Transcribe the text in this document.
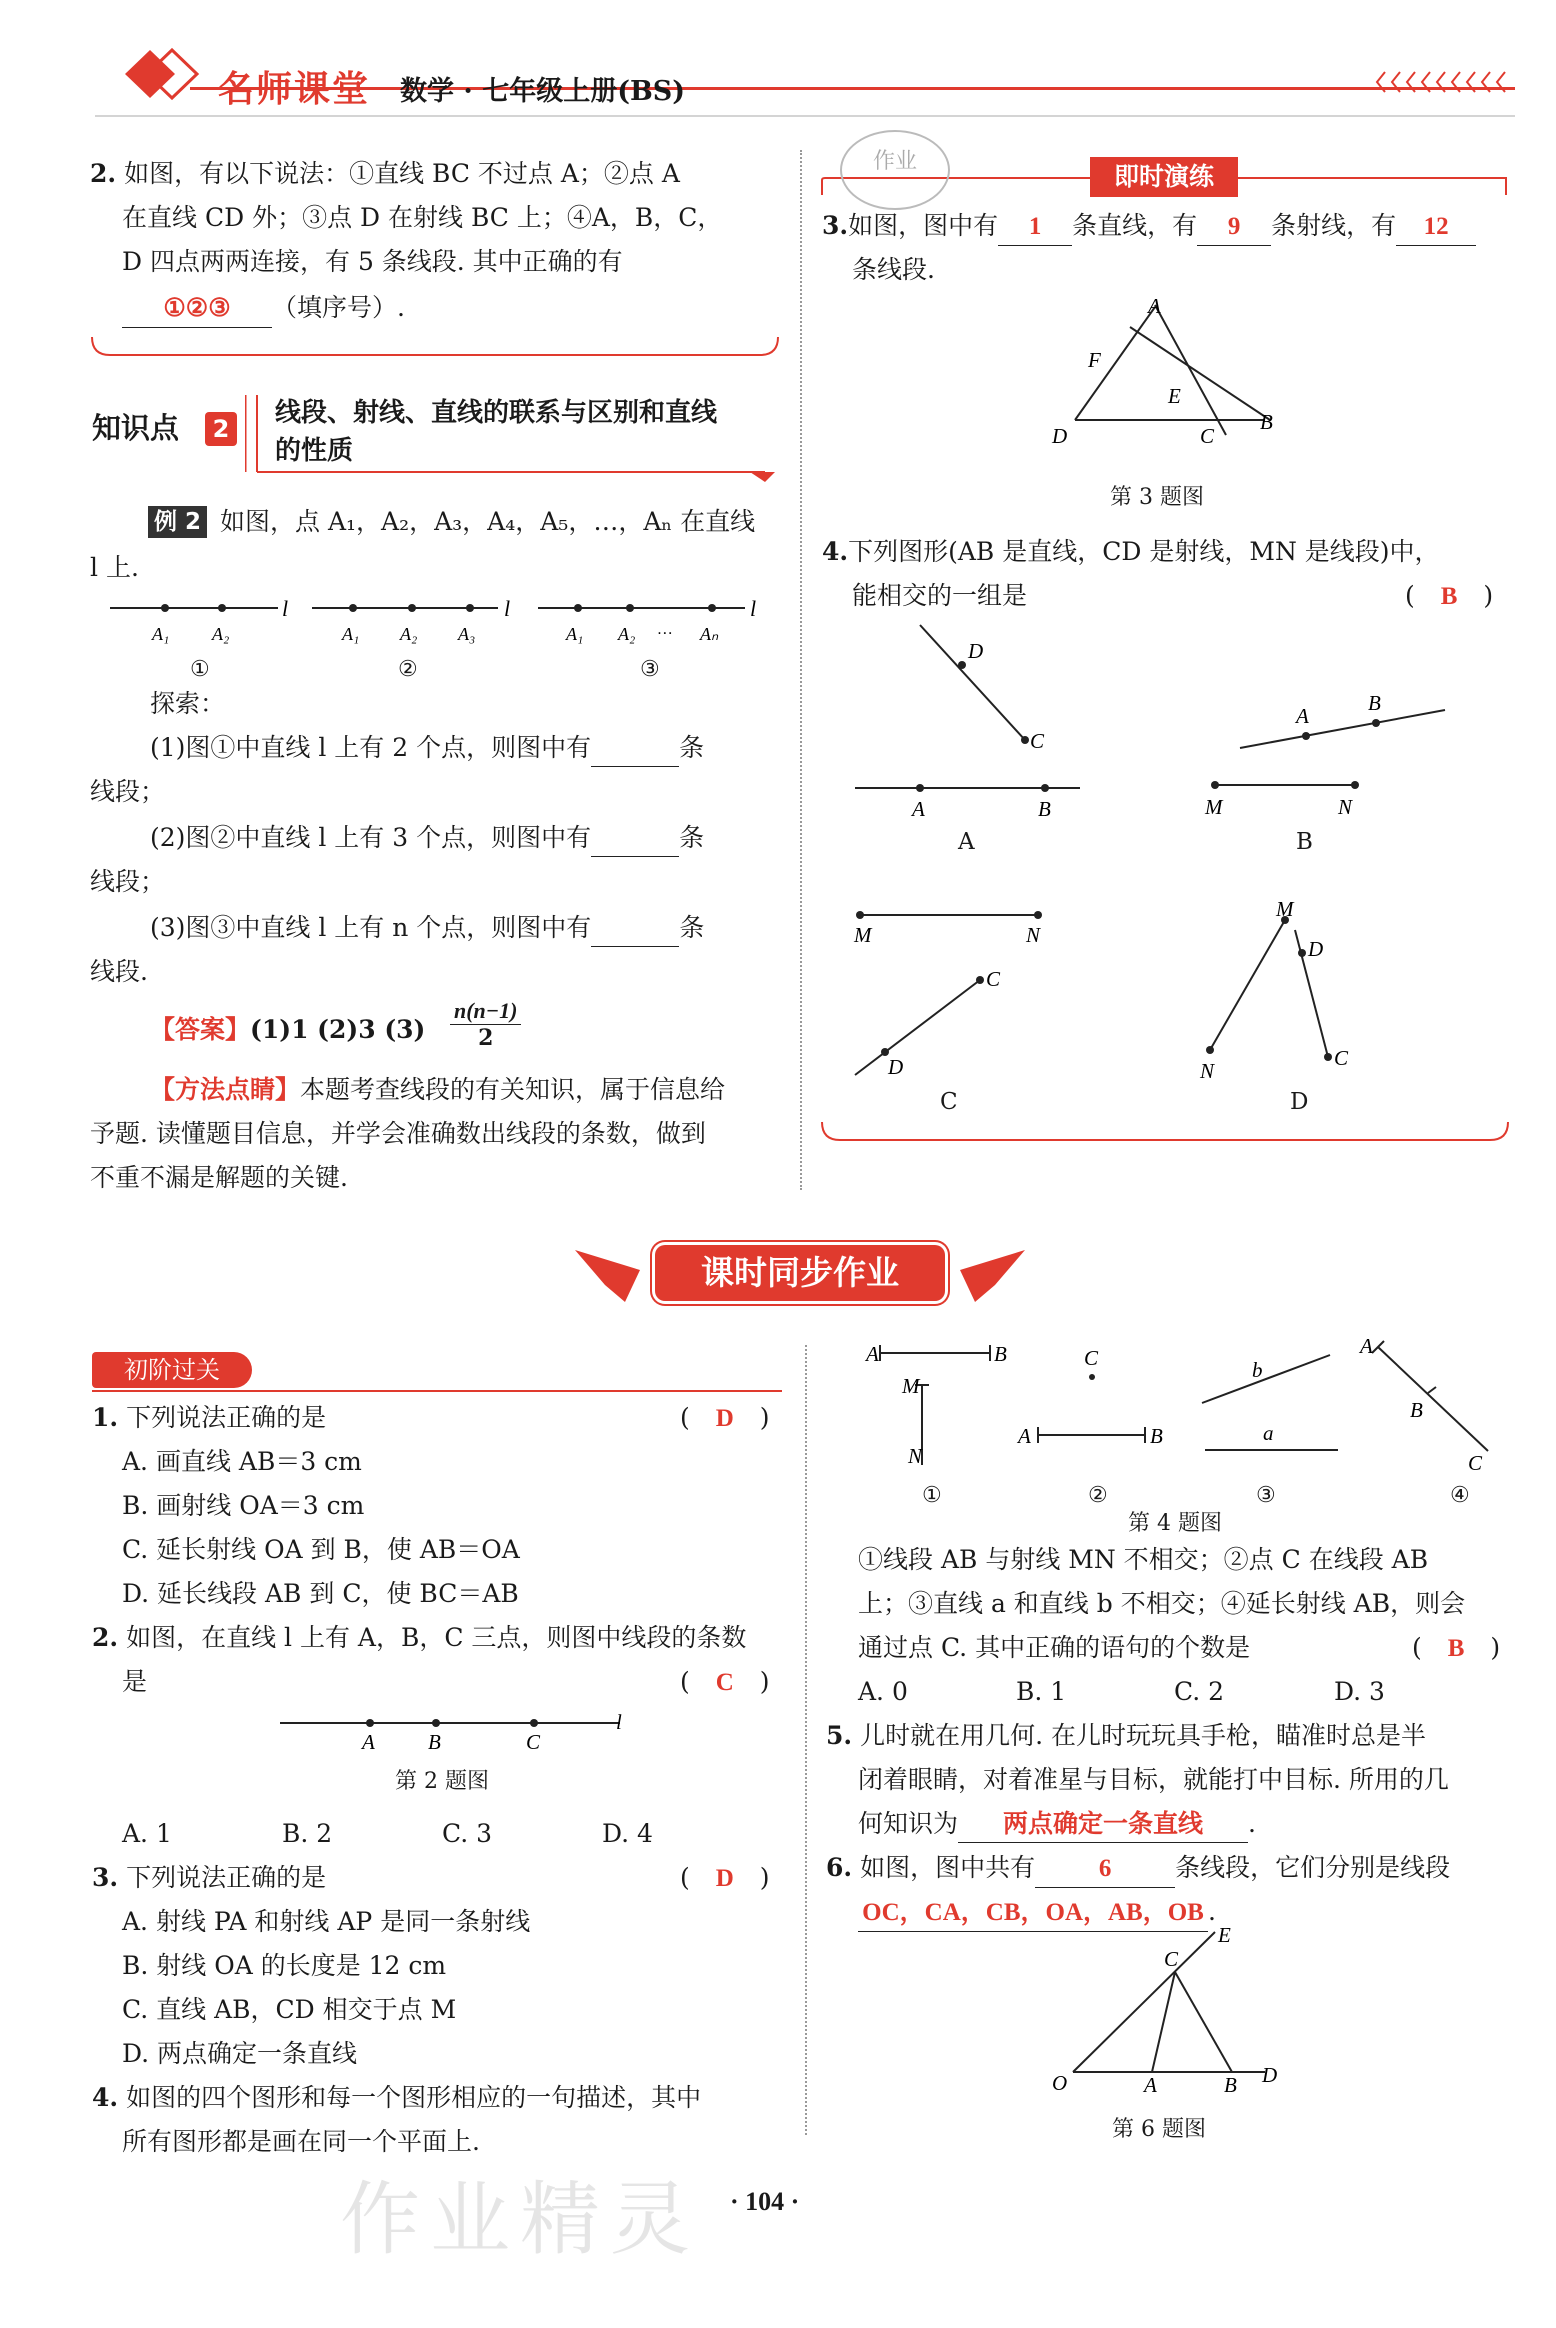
名师课堂 数学 · 七年级上册(BS)
2. 如图，有以下说法：①直线 BC 不过点 A；②点 A
在直线 CD 外；③点 D 在射线 BC 上；④A，B，C，
D 四点两两连接，有 5 条线段. 其中正确的有
①②③ （填序号）.
知识点	2
线段、射线、直线的联系与区别和直线
的性质
例 2 如图，点 A₁，A₂，A₃，A₄，A₅，…，Aₙ 在直线
l 上.
l
A₁ A₂
l
A₁ A₂ A₃
l
A₁ A₂ … Aₙ
①	②	③
探索：
(1)图①中直线 l 上有 2 个点，则图中有	条
线段；
(2)图②中直线 l 上有 3 个点，则图中有	条
线段；
(3)图③中直线 l 上有 n 个点，则图中有	条
线段.
【答案】(1)1 (2)3 $(3) \frac{n(n-1)}{2}$
【方法点睛】本题考查线段的有关知识，属于信息给
予题. 读懂题目信息，并学会准确数出线段的条数，做到
不重不漏是解题的关键.
作业
即时演练
3.如图，图中有 1 条直线，有 9 条射线，有 12
条线段.
A
F
E
B
C
D
第 3 题图
4.下列图形(AB 是直线，CD 是射线，MN 是线段)中，
能相交的一组是	( B )
D
C
A	B
A
B
M	N
M	N
D
C
N
M
D
C
A	B
C	D
课时同步作业
初阶过关
1. 下列说法正确的是	( D )
A. 画直线 AB＝3 cm
B. 画射线 OA＝3 cm
C. 延长射线 OA 到 B，使 AB＝OA
D. 延长线段 AB 到 C，使 BC＝AB
2. 如图，在直线 l 上有 A，B，C 三点，则图中线段的条数
是	( C )
A	B	C
l
第 2 题图
A. 1	B. 2	C. 3	D. 4
3. 下列说法正确的是	( D )
A. 射线 PA 和射线 AP 是同一条射线
B. 射线 OA 的长度是 12 cm
C. 直线 AB，CD 相交于点 M
D. 两点确定一条直线
4. 如图的四个图形和每一个图形相应的一句描述，其中
所有图形都是画在同一个平面上.
作业精灵
A	B
M
N
C
A	B
b
a
A
B
C
①	②	③	④
第 4 题图
①线段 AB 与射线 MN 不相交；②点 C 在线段 AB
上；③直线 a 和直线 b 不相交；④延长射线 AB，则会
通过点 C. 其中正确的语句的个数是	( B )
A. 0	B. 1	C. 2	D. 3
5. 儿时就在用几何. 在儿时玩玩具手枪，瞄准时总是半
闭着眼睛，对着准星与目标，就能打中目标. 所用的几
何知识为 两点确定一条直线 .
6. 如图，图中共有	6	条线段，它们分别是线段
OC，CA，CB，OA，AB，OB .
E
C
O	A	B D
第 6 题图
· 104 ·
